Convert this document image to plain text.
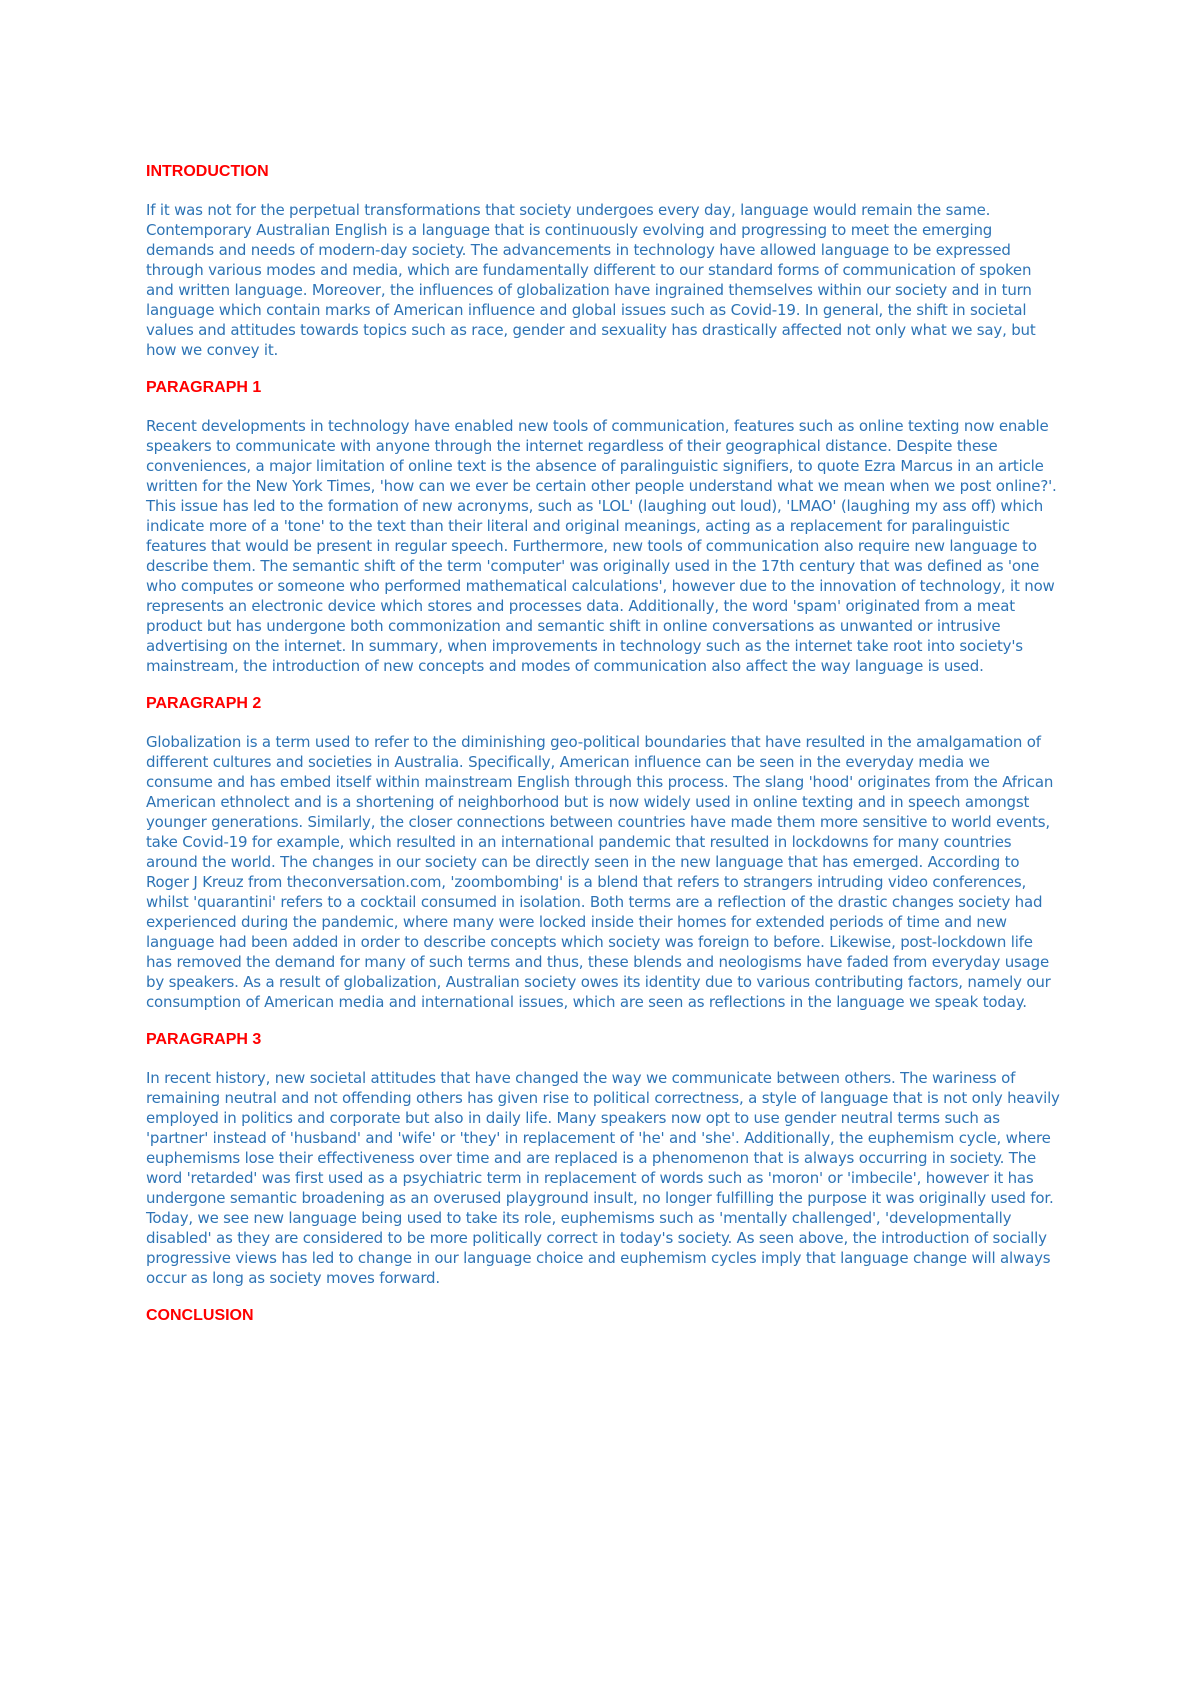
INTRODUCTION

If it was not for the perpetual transformations that society undergoes every day, language would remain the same. Contemporary Australian English is a language that is continuously evolving and progressing to meet the emerging demands and needs of modern-day society. The advancements in technology have allowed language to be expressed through various modes and media, which are fundamentally different to our standard forms of communication of spoken and written language. Moreover, the influences of globalization have ingrained themselves within our society and in turn language which contain marks of American influence and global issues such as Covid-19. In general, the shift in societal values and attitudes towards topics such as race, gender and sexuality has drastically affected not only what we say, but how we convey it.

PARAGRAPH 1

Recent developments in technology have enabled new tools of communication, features such as online texting now enable speakers to communicate with anyone through the internet regardless of their geographical distance. Despite these conveniences, a major limitation of online text is the absence of paralinguistic signifiers, to quote Ezra Marcus in an article written for the New York Times, 'how can we ever be certain other people understand what we mean when we post online?'. This issue has led to the formation of new acronyms, such as 'LOL' (laughing out loud), 'LMAO' (laughing my ass off) which indicate more of a 'tone' to the text than their literal and original meanings, acting as a replacement for paralinguistic features that would be present in regular speech. Furthermore, new tools of communication also require new language to describe them. The semantic shift of the term 'computer' was originally used in the 17th century that was defined as 'one who computes or someone who performed mathematical calculations', however due to the innovation of technology, it now represents an electronic device which stores and processes data. Additionally, the word 'spam' originated from a meat product but has undergone both commonization and semantic shift in online conversations as unwanted or intrusive advertising on the internet. In summary, when improvements in technology such as the internet take root into society's mainstream, the introduction of new concepts and modes of communication also affect the way language is used.

PARAGRAPH 2

Globalization is a term used to refer to the diminishing geo-political boundaries that have resulted in the amalgamation of different cultures and societies in Australia. Specifically, American influence can be seen in the everyday media we consume and has embed itself within mainstream English through this process. The slang 'hood' originates from the African American ethnolect and is a shortening of neighborhood but is now widely used in online texting and in speech amongst younger generations. Similarly, the closer connections between countries have made them more sensitive to world events, take Covid-19 for example, which resulted in an international pandemic that resulted in lockdowns for many countries around the world. The changes in our society can be directly seen in the new language that has emerged. According to Roger J Kreuz from theconversation.com, 'zoombombing' is a blend that refers to strangers intruding video conferences, whilst 'quarantini' refers to a cocktail consumed in isolation. Both terms are a reflection of the drastic changes society had experienced during the pandemic, where many were locked inside their homes for extended periods of time and new language had been added in order to describe concepts which society was foreign to before. Likewise, post-lockdown life has removed the demand for many of such terms and thus, these blends and neologisms have faded from everyday usage by speakers. As a result of globalization, Australian society owes its identity due to various contributing factors, namely our consumption of American media and international issues, which are seen as reflections in the language we speak today.

PARAGRAPH 3

In recent history, new societal attitudes that have changed the way we communicate between others. The wariness of remaining neutral and not offending others has given rise to political correctness, a style of language that is not only heavily employed in politics and corporate but also in daily life. Many speakers now opt to use gender neutral terms such as 'partner' instead of 'husband' and 'wife' or 'they' in replacement of 'he' and 'she'. Additionally, the euphemism cycle, where euphemisms lose their effectiveness over time and are replaced is a phenomenon that is always occurring in society. The word 'retarded' was first used as a psychiatric term in replacement of words such as 'moron' or 'imbecile', however it has undergone semantic broadening as an overused playground insult, no longer fulfilling the purpose it was originally used for. Today, we see new language being used to take its role, euphemisms such as 'mentally challenged', 'developmentally disabled' as they are considered to be more politically correct in today's society. As seen above, the introduction of socially progressive views has led to change in our language choice and euphemism cycles imply that language change will always occur as long as society moves forward.

CONCLUSION
